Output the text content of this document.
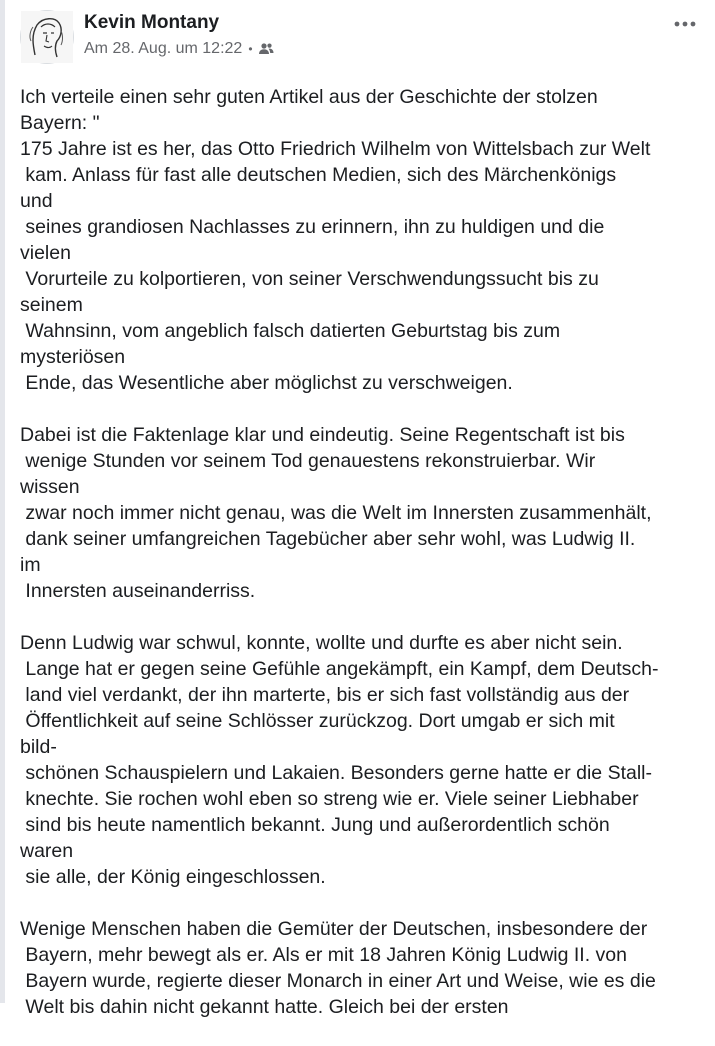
Kevin Montany
Am 28. Aug. um 12:22 •
Ich verteile einen sehr guten Artikel aus der Geschichte der stolzen
Bayern: "
175 Jahre ist es her, das Otto Friedrich Wilhelm von Wittelsbach zur Welt
kam. Anlass für fast alle deutschen Medien, sich des Märchenkönigs
und
seines grandiosen Nachlasses zu erinnern, ihn zu huldigen und die
vielen
Vorurteile zu kolportieren, von seiner Verschwendungssucht bis zu
seinem
Wahnsinn, vom angeblich falsch datierten Geburtstag bis zum
mysteriösen
Ende, das Wesentliche aber möglichst zu verschweigen.
Dabei ist die Faktenlage klar und eindeutig. Seine Regentschaft ist bis
wenige Stunden vor seinem Tod genauestens rekonstruierbar. Wir
wissen
zwar noch immer nicht genau, was die Welt im Innersten zusammenhält,
dank seiner umfangreichen Tagebücher aber sehr wohl, was Ludwig II.
im
Innersten auseinanderriss.
Denn Ludwig war schwul, konnte, wollte und durfte es aber nicht sein.
Lange hat er gegen seine Gefühle angekämpft, ein Kampf, dem Deutsch-
land viel verdankt, der ihn marterte, bis er sich fast vollständig aus der
Öffentlichkeit auf seine Schlösser zurückzog. Dort umgab er sich mit
bild-
schönen Schauspielern und Lakaien. Besonders gerne hatte er die Stall-
knechte. Sie rochen wohl eben so streng wie er. Viele seiner Liebhaber
sind bis heute namentlich bekannt. Jung und außerordentlich schön
waren
sie alle, der König eingeschlossen.
Wenige Menschen haben die Gemüter der Deutschen, insbesondere der
Bayern, mehr bewegt als er. Als er mit 18 Jahren König Ludwig II. von
Bayern wurde, regierte dieser Monarch in einer Art und Weise, wie es die
Welt bis dahin nicht gekannt hatte. Gleich bei der ersten
